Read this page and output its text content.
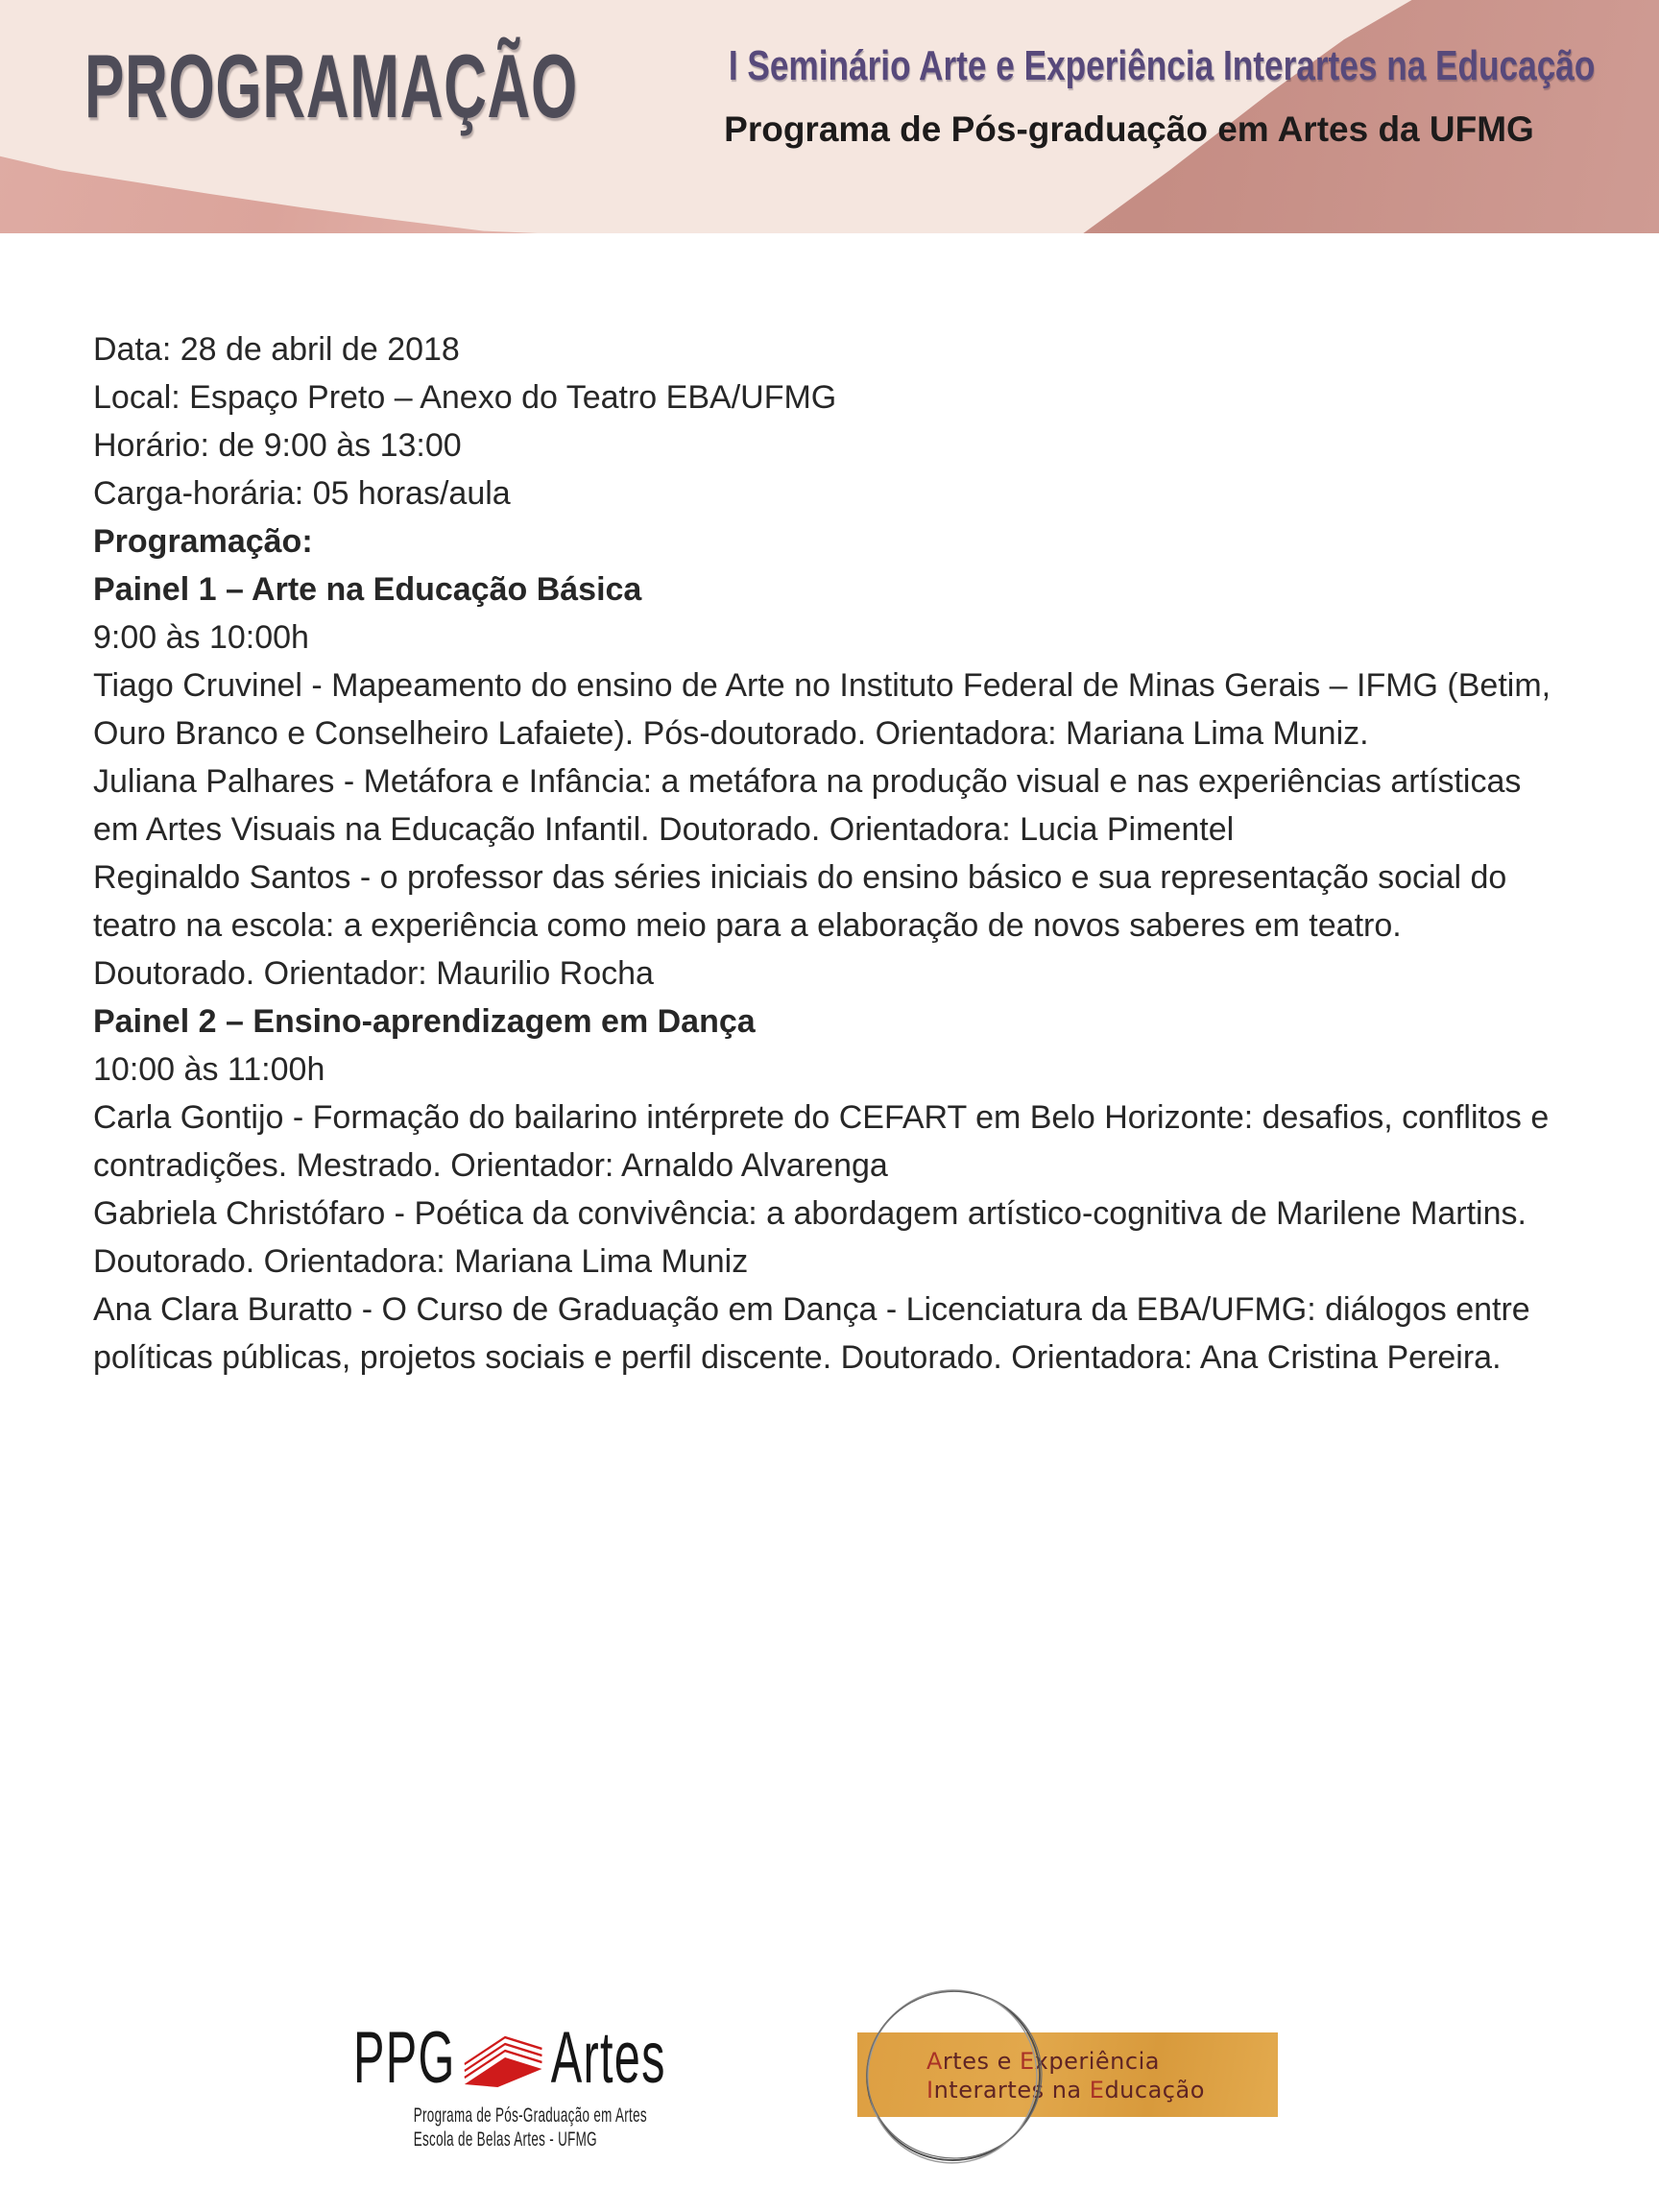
PROGRAMAÇÃO	I Seminário Arte e Experiência Interartes na Educação
Programa de Pós-graduação em Artes da UFMG

Data: 28 de abril de 2018

Local: Espaço Preto – Anexo do Teatro EBA/UFMG

Horário: de 9:00 às 13:00

Carga-horária: 05 horas/aula

Programação:

Painel 1 – Arte na Educação Básica

9:00 às 10:00h

Tiago Cruvinel - Mapeamento do ensino de Arte no Instituto Federal de Minas Gerais – IFMG (Betim, Ouro Branco e Conselheiro Lafaiete). Pós-doutorado. Orientadora: Mariana Lima Muniz.

Juliana Palhares - Metáfora e Infância: a metáfora na produção visual e nas experiências artísticas em Artes Visuais na Educação Infantil. Doutorado. Orientadora: Lucia Pimentel

Reginaldo Santos - o professor das séries iniciais do ensino básico e sua representação social do teatro na escola: a experiência como meio para a elaboração de novos saberes em teatro. Doutorado. Orientador: Maurilio Rocha

Painel 2 – Ensino-aprendizagem em Dança

10:00 às 11:00h

Carla Gontijo - Formação do bailarino intérprete do CEFART em Belo Horizonte: desafios, conflitos e contradições. Mestrado. Orientador: Arnaldo Alvarenga

Gabriela Christófaro - Poética da convivência: a abordagem artístico-cognitiva de Marilene Martins. Doutorado. Orientadora: Mariana Lima Muniz

Ana Clara Buratto - O Curso de Graduação em Dança - Licenciatura da EBA/UFMG: diálogos entre políticas públicas, projetos sociais e perfil discente. Doutorado. Orientadora: Ana Cristina Pereira.

PPG Artes
Programa de Pós-Graduação em Artes
Escola de Belas Artes - UFMG
Artes e Experiência
Interartes na Educação
